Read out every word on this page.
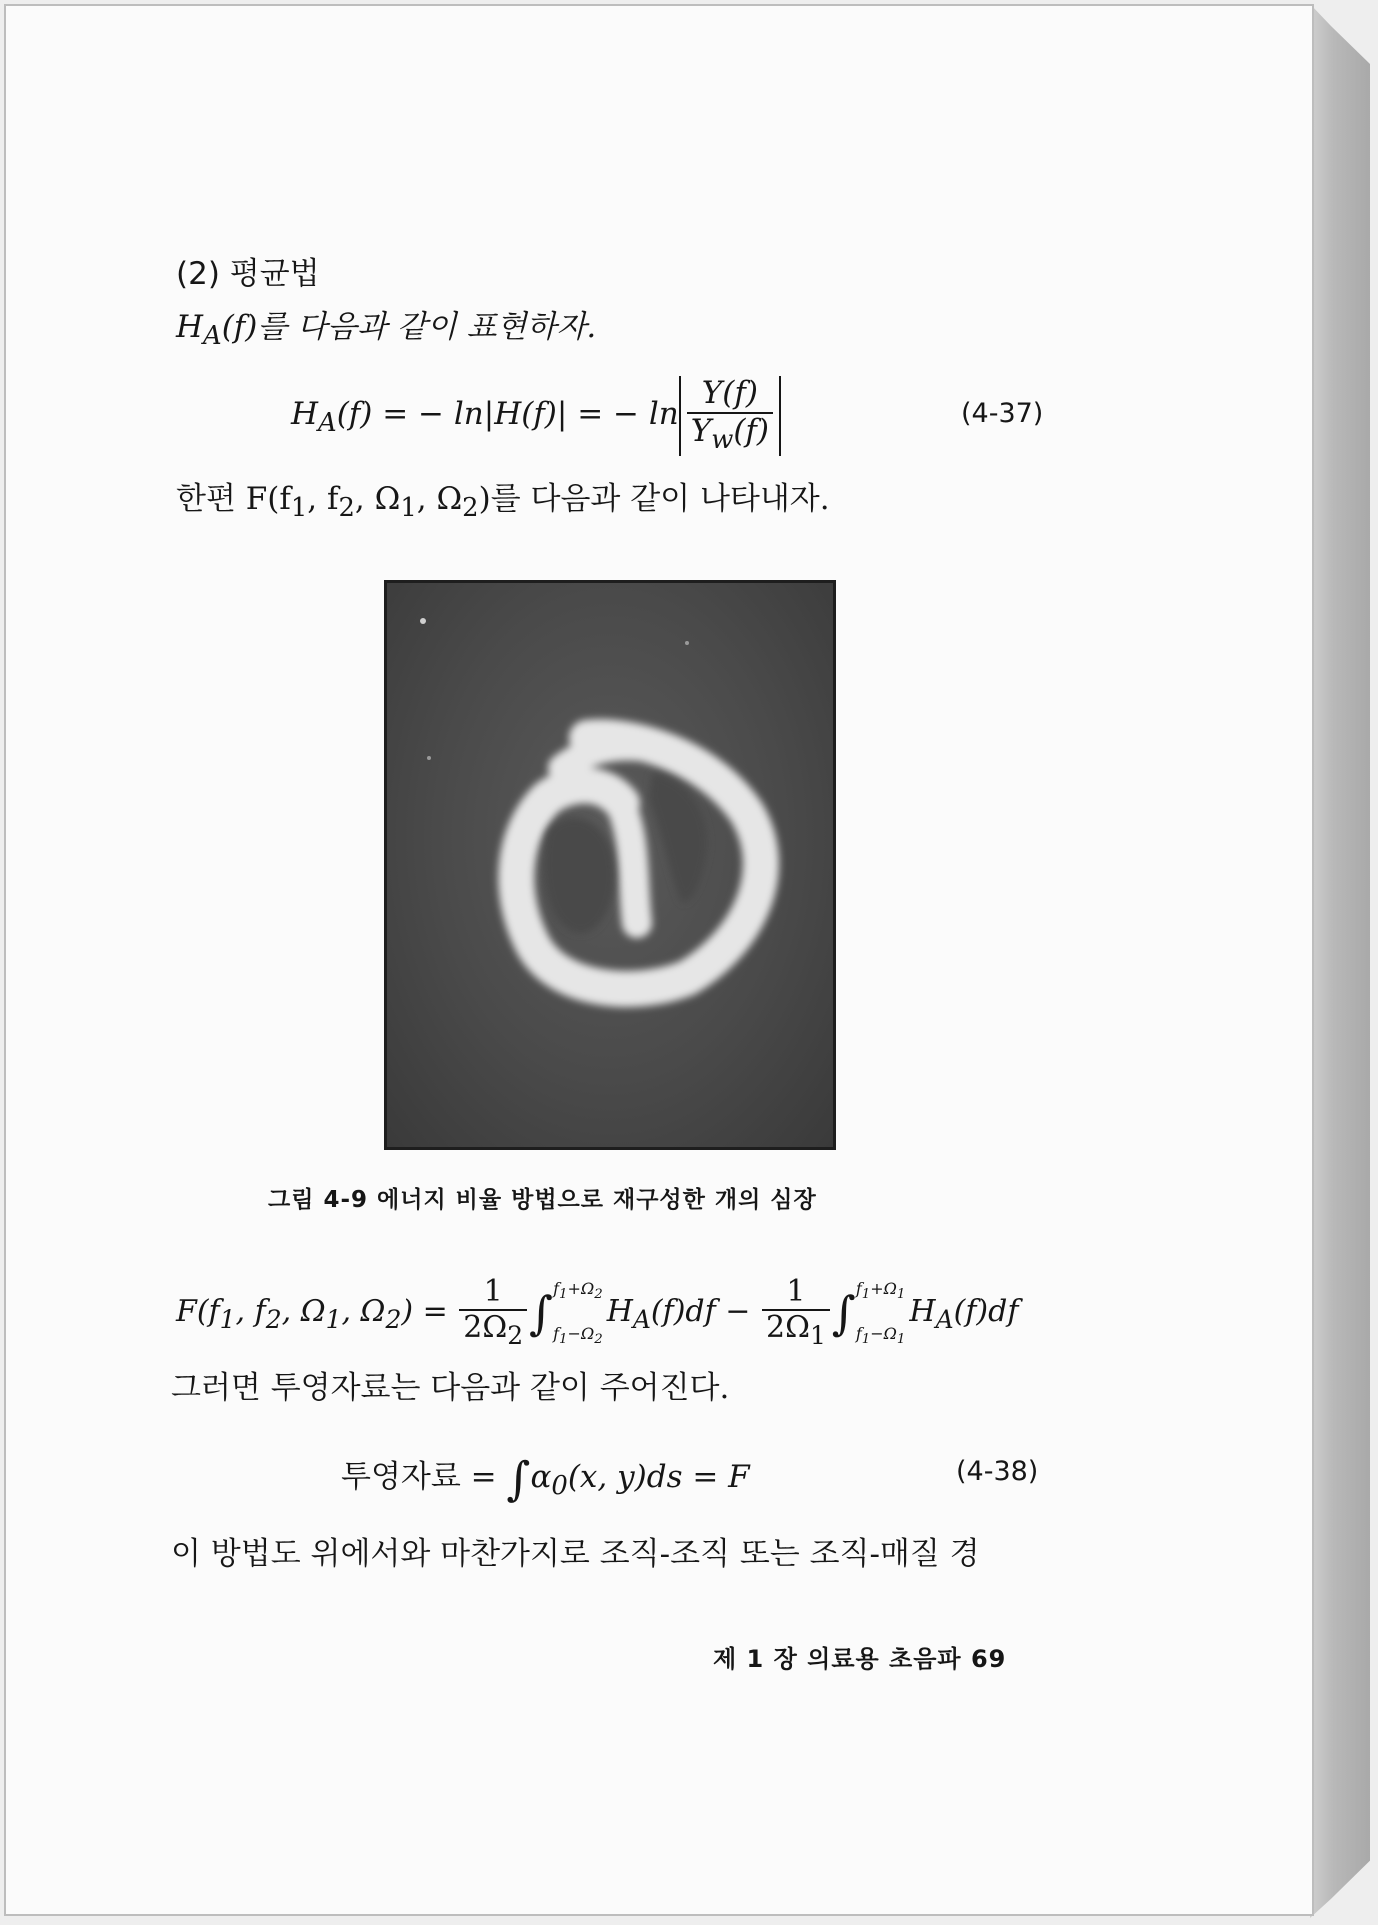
(2) 평균법
$H_A(f)$를 다음과 같이 표현하자.
$H_A(f)$ = − ln|H(f)| = − $\ln \frac{Y(f)}{Y_w(f)}$	(4-37)
한편 $F(f_1$, $f_2$, $\Omega_1$, $\Omega_2$)를 다음과 같이 나타내자.
그림 4-9 에너지 비율 방법으로 재구성한 개의 심장
$F(f_1$, $f_2$, $\Omega_1$, $\Omega_2) = \frac{1}{2\Omega_2}$ ∫ $f_1+\Omega_2$
$f_1-\Omega_2$
$H_A(f)df - \frac{1}{2\Omega_1}$ ∫ $f_1+\Omega_1$
$f_1-\Omega_1$
$H_A(f)df$
그러면 투영자료는 다음과 같이 주어진다.
투영자료 = $\int\alpha_0(x$, y)ds = F	(4-38)
이 방법도 위에서와 마찬가지로 조직-조직 또는 조직-매질 경
제 1 장 의료용 초음파 69
